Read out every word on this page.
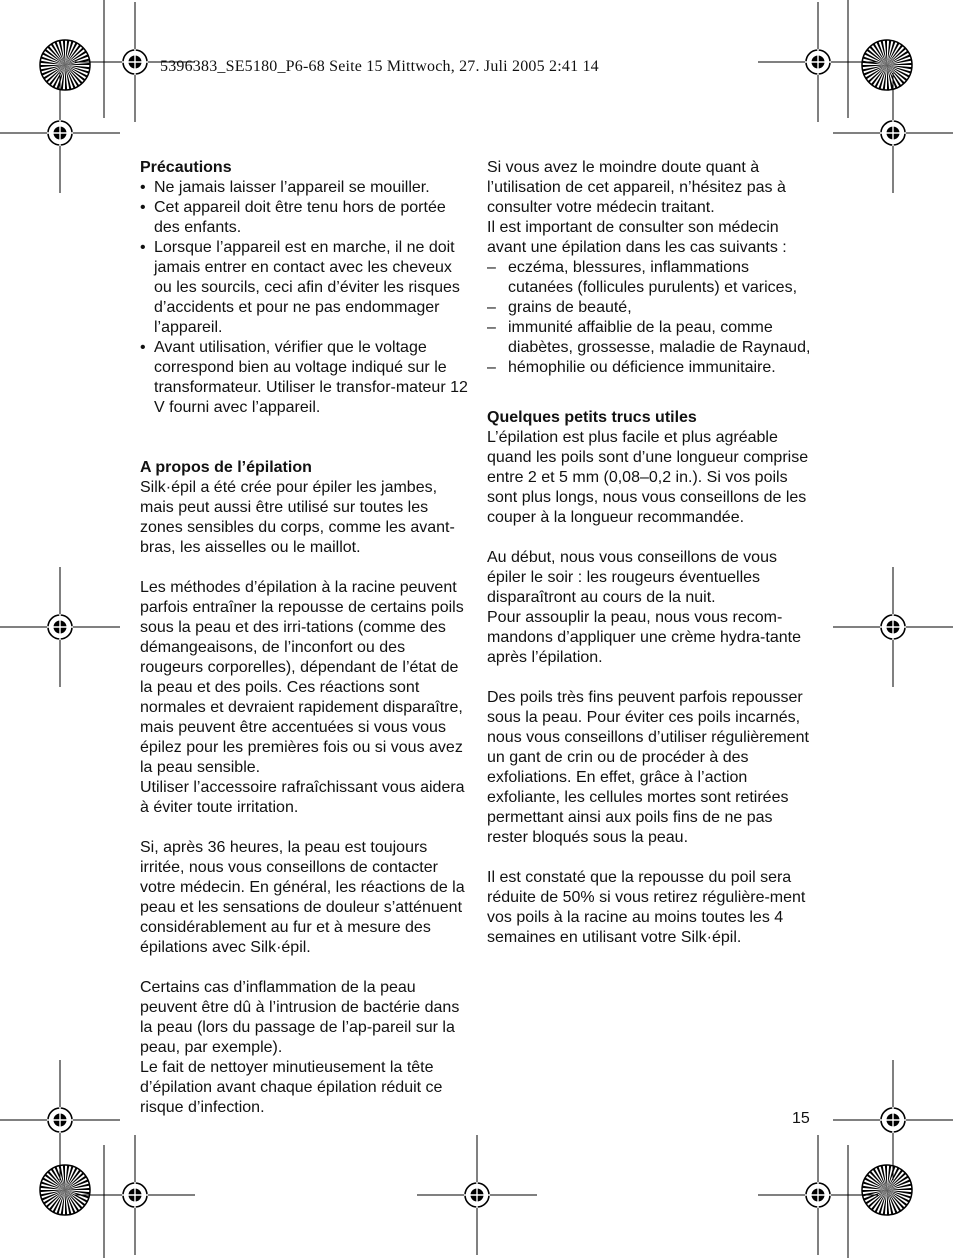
5396383_SE5180_P6-68 Seite 15 Mittwoch, 27. Juli 2005 2:41 14
Précautions
• Ne jamais laisser l’appareil se mouiller.
• Cet appareil doit être tenu hors de portée des enfants.
• Lorsque l’appareil est en marche, il ne doit jamais entrer en contact avec les cheveux ou les sourcils, ceci afin d’éviter les risques d’accidents et pour ne pas endommager l’appareil.
• Avant utilisation, vérifier que le voltage correspond bien au voltage indiqué sur le transformateur. Utiliser le transfor-mateur 12 V fourni avec l’appareil.
A propos de l’épilation

Silk·épil a été crée pour épiler les jambes, mais peut aussi être utilisé sur toutes les zones sensibles du corps, comme les avant-bras, les aisselles ou le maillot.

Les méthodes d’épilation à la racine peuvent parfois entraîner la repousse de certains poils sous la peau et des irri-tations (comme des démangeaisons, de l’inconfort ou des rougeurs corporelles), dépendant de l’état de la peau et des poils. Ces réactions sont normales et devraient rapidement disparaître, mais peuvent être accentuées si vous vous épilez pour les premières fois ou si vous avez la peau sensible.

Utiliser l’accessoire rafraîchissant vous aidera à éviter toute irritation.

Si, après 36 heures, la peau est toujours irritée, nous vous conseillons de contacter votre médecin. En général, les réactions de la peau et les sensations de douleur s’atténuent considérablement au fur et à mesure des épilations avec Silk·épil.

Certains cas d’inflammation de la peau peuvent être dû à l’intrusion de bactérie dans la peau (lors du passage de l’ap-pareil sur la peau, par exemple).

Le fait de nettoyer minutieusement la tête d’épilation avant chaque épilation réduit ce risque d’infection.

Si vous avez le moindre doute quant à l’utilisation de cet appareil, n’hésitez pas à consulter votre médecin traitant.

Il est important de consulter son médecin avant une épilation dans les cas suivants :

– eczéma, blessures, inflammations cutanées (follicules purulents) et varices,
– grains de beauté,
– immunité affaiblie de la peau, comme diabètes, grossesse, maladie de Raynaud,
– hémophilie ou déficience immunitaire.
Quelques petits trucs utiles

L’épilation est plus facile et plus agréable quand les poils sont d’une longueur comprise entre 2 et 5 mm (0,08–0,2 in.). Si vos poils sont plus longs, nous vous conseillons de les couper à la longueur recommandée.

Au début, nous vous conseillons de vous épiler le soir : les rougeurs éventuelles disparaîtront au cours de la nuit.

Pour assouplir la peau, nous vous recom-mandons d’appliquer une crème hydra-tante après l’épilation.

Des poils très fins peuvent parfois repousser sous la peau. Pour éviter ces poils incarnés, nous vous conseillons d’utiliser régulièrement un gant de crin ou de procéder à des exfoliations. En effet, grâce à l’action exfoliante, les cellules mortes sont retirées permettant ainsi aux poils fins de ne pas rester bloqués sous la peau.

Il est constaté que la repousse du poil sera réduite de 50% si vous retirez régulière-ment vos poils à la racine au moins toutes les 4 semaines en utilisant votre Silk·épil.

15
